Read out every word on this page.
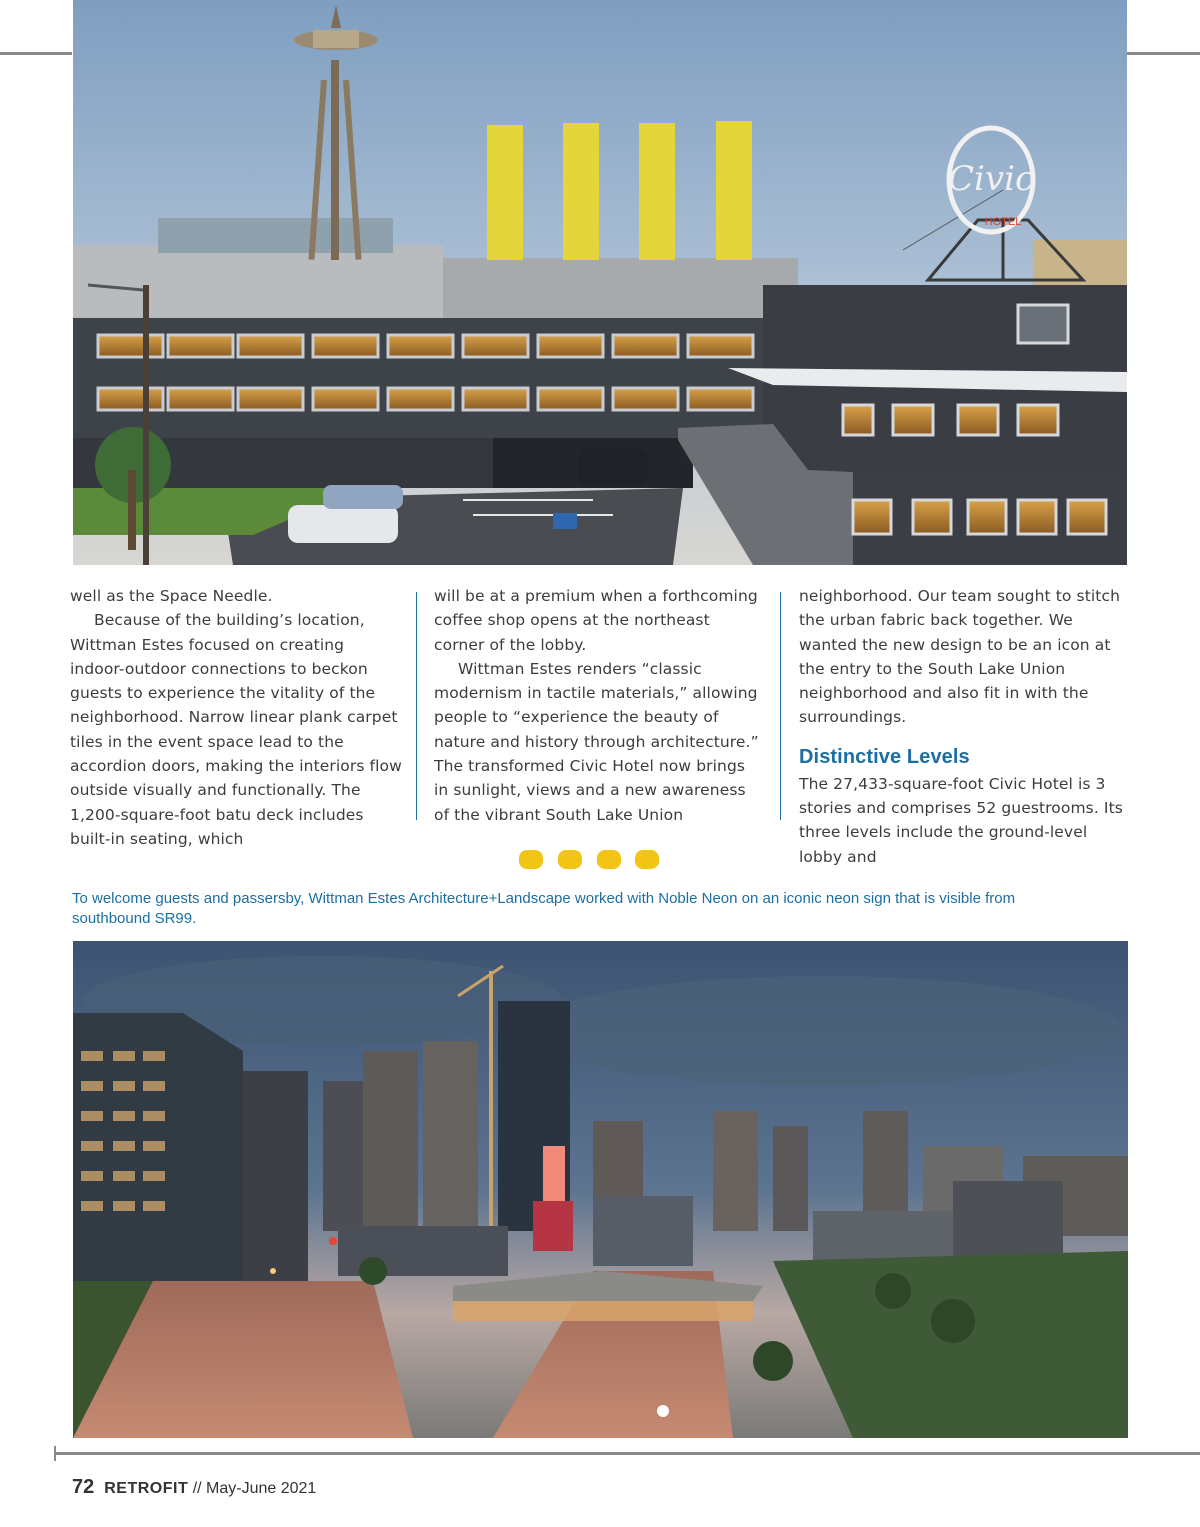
Civic
HOTEL

well as the Space Needle.

Because of the building’s location, Wittman Estes focused on creating indoor-outdoor connections to beckon guests to experience the vitality of the neighborhood. Narrow linear plank carpet tiles in the event space lead to the accordion doors, making the interiors flow outside visually and functionally. The 1,200-square-foot batu deck includes built-in seating, which

will be at a premium when a forthcoming coffee shop opens at the northeast corner of the lobby.

Wittman Estes renders “classic modernism in tactile materials,” allowing people to “experience the beauty of nature and history through architecture.” The transformed Civic Hotel now brings in sunlight, views and a new awareness of the vibrant South Lake Union

neighborhood. Our team sought to stitch the urban fabric back together. We wanted the new design to be an icon at the entry to the South Lake Union neighborhood and also fit in with the surroundings.

Distinctive Levels

The 27,433-square-foot Civic Hotel is 3 stories and comprises 52 guestrooms. Its three levels include the ground-level lobby and

To welcome guests and passersby, Wittman Estes Architecture+Landscape worked with Noble Neon on an iconic neon sign that is visible from southbound SR99.
72 RETROFIT // May-June 2021
